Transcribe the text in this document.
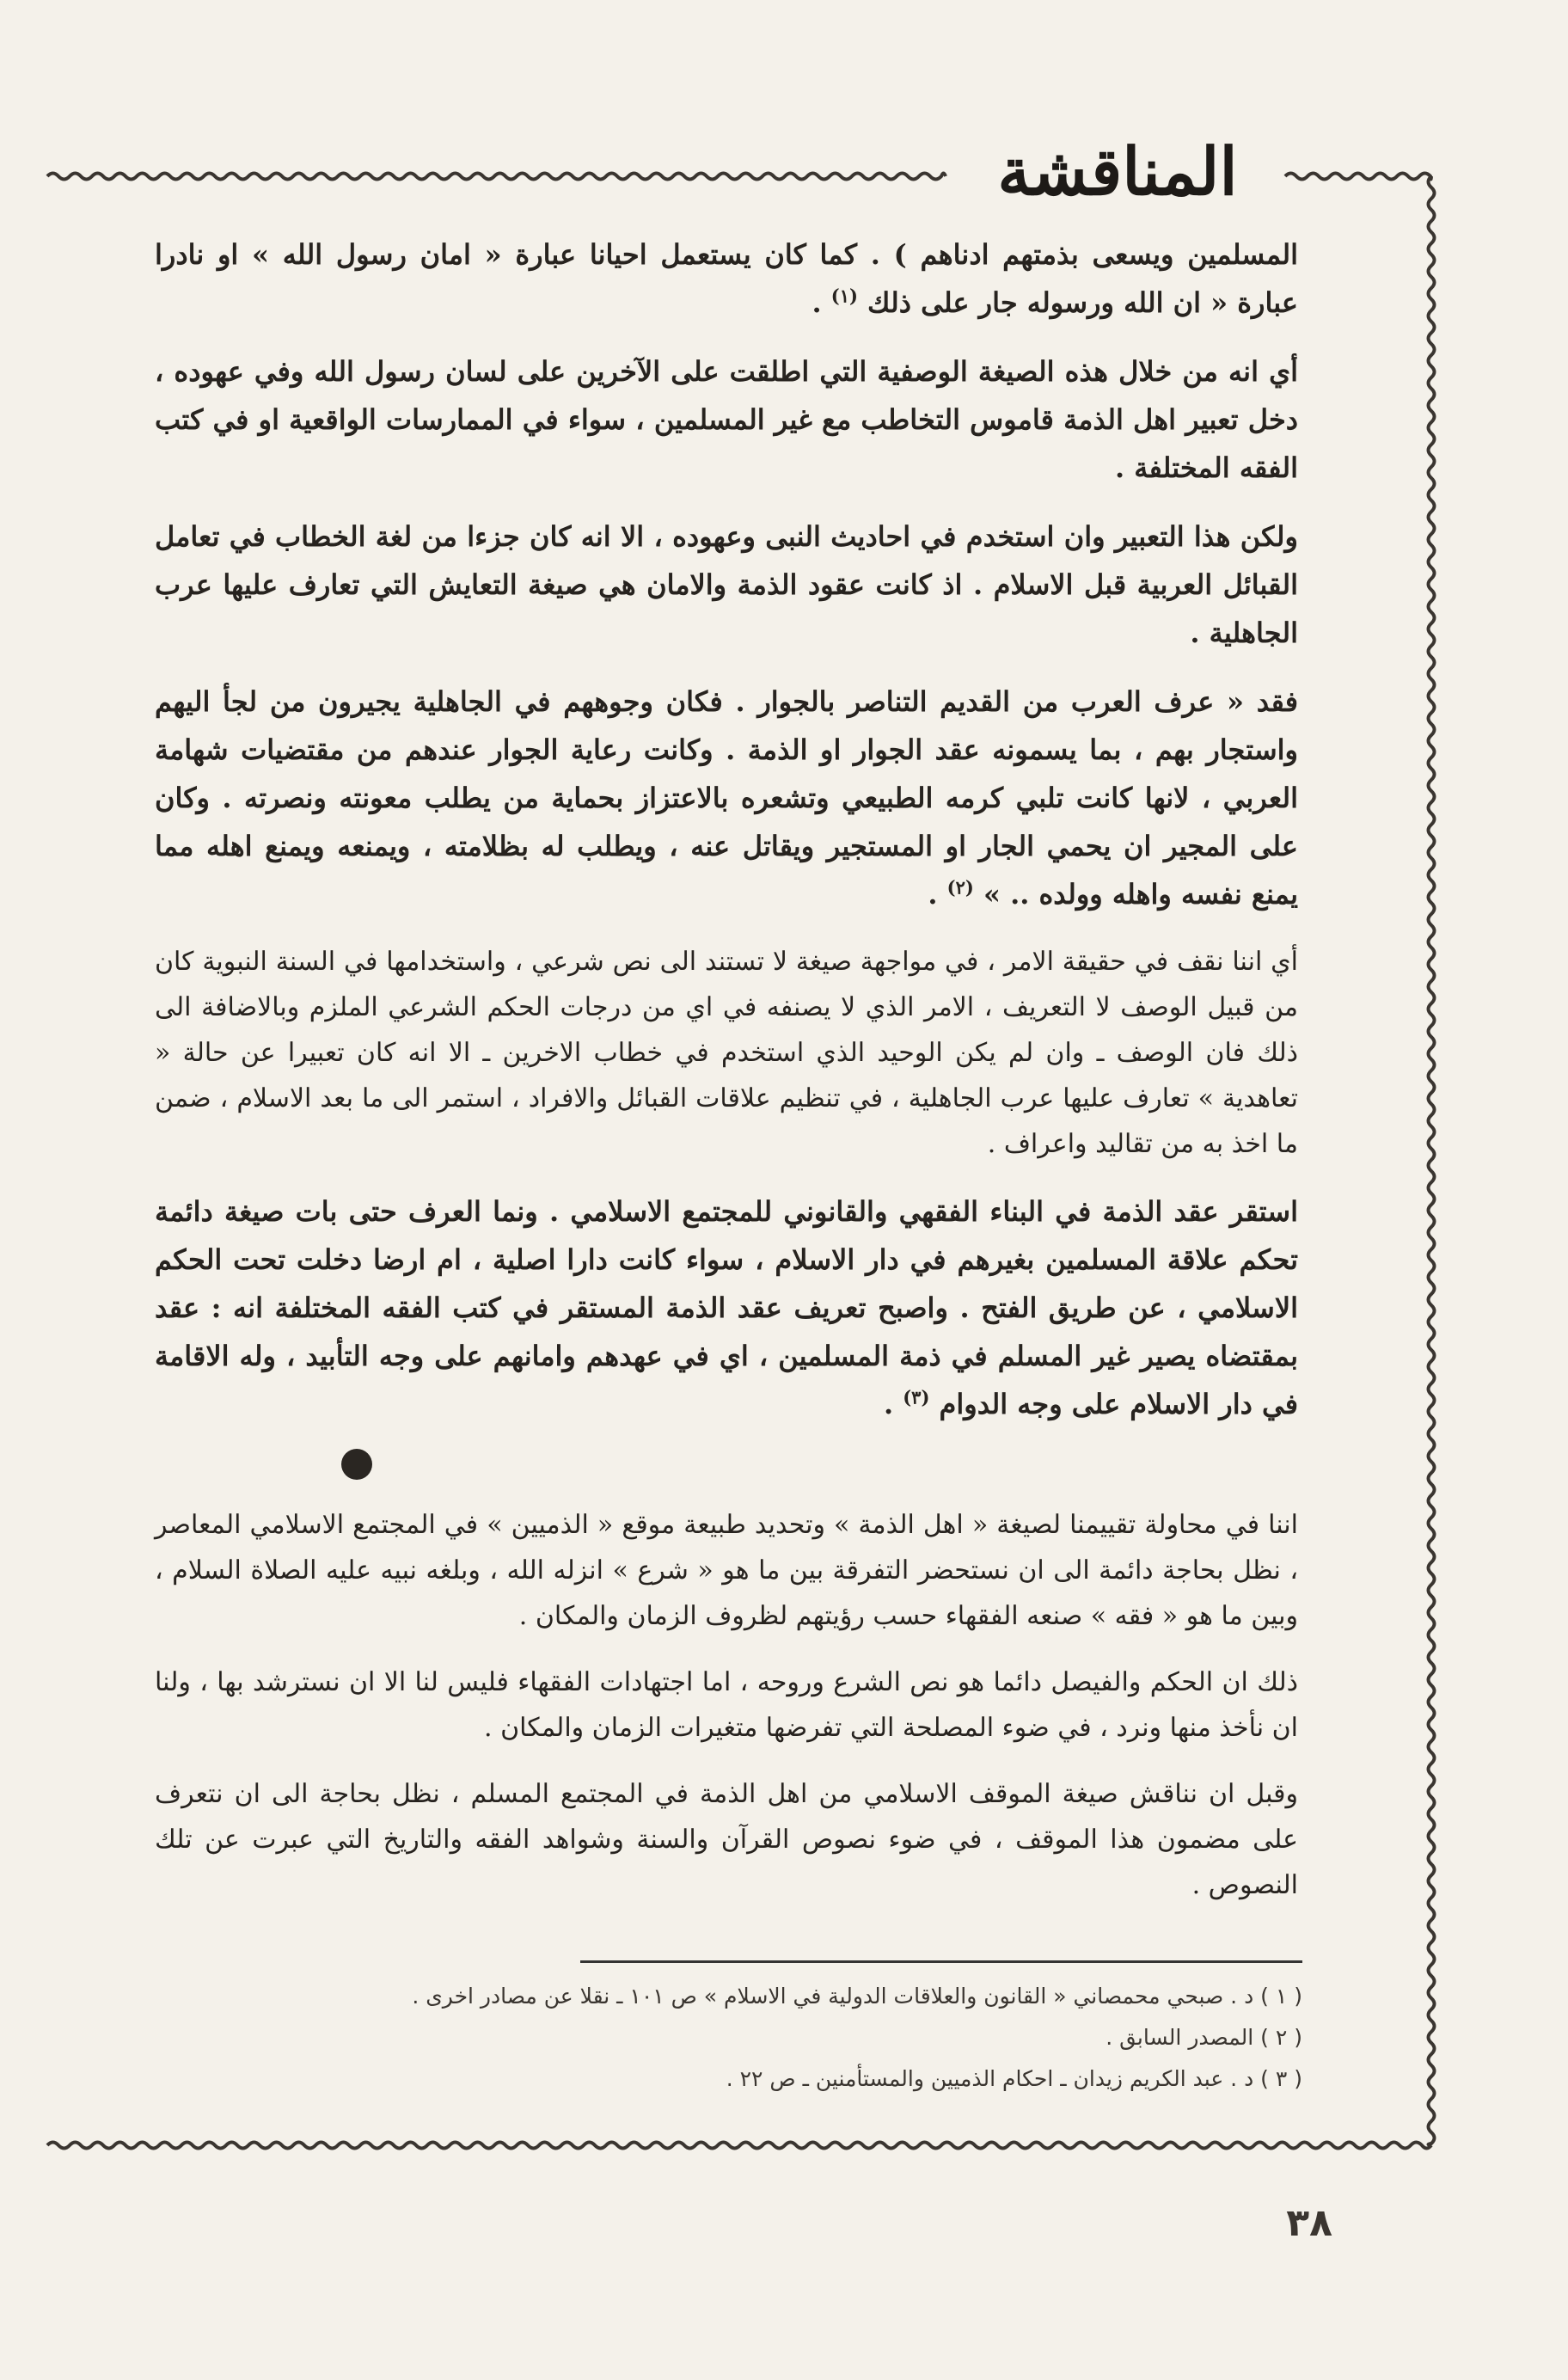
المناقشة

المسلمين ويسعى بذمتهم ادناهم ) . كما كان يستعمل احيانا عبارة « امان رسول الله » او نادرا عبارة « ان الله ورسوله جار على ذلك $^{(١)}$ .

أي انه من خلال هذه الصيغة الوصفية التي اطلقت على الآخرين على لسان رسول الله وفي عهوده ، دخل تعبير اهل الذمة قاموس التخاطب مع غير المسلمين ، سواء في الممارسات الواقعية او في كتب الفقه المختلفة .

ولكن هذا التعبير وان استخدم في احاديث النبى وعهوده ، الا انه كان جزءا من لغة الخطاب في تعامل القبائل العربية قبل الاسلام . اذ كانت عقود الذمة والامان هي صيغة التعايش التي تعارف عليها عرب الجاهلية .

فقد « عرف العرب من القديم التناصر بالجوار . فكان وجوههم في الجاهلية يجيرون من لجأ اليهم واستجار بهم ، بما يسمونه عقد الجوار او الذمة . وكانت رعاية الجوار عندهم من مقتضيات شهامة العربي ، لانها كانت تلبي كرمه الطبيعي وتشعره بالاعتزاز بحماية من يطلب معونته ونصرته . وكان على المجير ان يحمي الجار او المستجير ويقاتل عنه ، ويطلب له بظلامته ، ويمنعه ويمنع اهله مما يمنع نفسه واهله وولده .. » $^{(٢)}$ .

أي اننا نقف في حقيقة الامر ، في مواجهة صيغة لا تستند الى نص شرعي ، واستخدامها في السنة النبوية كان من قبيل الوصف لا التعريف ، الامر الذي لا يصنفه في اي من درجات الحكم الشرعي الملزم وبالاضافة الى ذلك فان الوصف ـ وان لم يكن الوحيد الذي استخدم في خطاب الاخرين ـ الا انه كان تعبيرا عن حالة « تعاهدية » تعارف عليها عرب الجاهلية ، في تنظيم علاقات القبائل والافراد ، استمر الى ما بعد الاسلام ، ضمن ما اخذ به من تقاليد واعراف .

استقر عقد الذمة في البناء الفقهي والقانوني للمجتمع الاسلامي . ونما العرف حتى بات صيغة دائمة تحكم علاقة المسلمين بغيرهم في دار الاسلام ، سواء كانت دارا اصلية ، ام ارضا دخلت تحت الحكم الاسلامي ، عن طريق الفتح . واصبح تعريف عقد الذمة المستقر في كتب الفقه المختلفة انه : عقد بمقتضاه يصير غير المسلم في ذمة المسلمين ، اي في عهدهم وامانهم على وجه التأبيد ، وله الاقامة في دار الاسلام على وجه الدوام $^{(٣)}$ .

اننا في محاولة تقييمنا لصيغة « اهل الذمة » وتحديد طبيعة موقع « الذميين » في المجتمع الاسلامي المعاصر ، نظل بحاجة دائمة الى ان نستحضر التفرقة بين ما هو « شرع » انزله الله ، وبلغه نبيه عليه الصلاة السلام ، وبين ما هو « فقه » صنعه الفقهاء حسب رؤيتهم لظروف الزمان والمكان .

ذلك ان الحكم والفيصل دائما هو نص الشرع وروحه ، اما اجتهادات الفقهاء فليس لنا الا ان نسترشد بها ، ولنا ان نأخذ منها ونرد ، في ضوء المصلحة التي تفرضها متغيرات الزمان والمكان .

وقبل ان نناقش صيغة الموقف الاسلامي من اهل الذمة في المجتمع المسلم ، نظل بحاجة الى ان نتعرف على مضمون هذا الموقف ، في ضوء نصوص القرآن والسنة وشواهد الفقه والتاريخ التي عبرت عن تلك النصوص .

( ١ ) د . صبحي محمصاني « القانون والعلاقات الدولية في الاسلام » ص ١٠١ ـ نقلا عن مصادر اخرى .
( ٢ ) المصدر السابق .
( ٣ ) د . عبد الكريم زيدان ـ احكام الذميين والمستأمنين ـ ص ٢٢ .
٣٨
